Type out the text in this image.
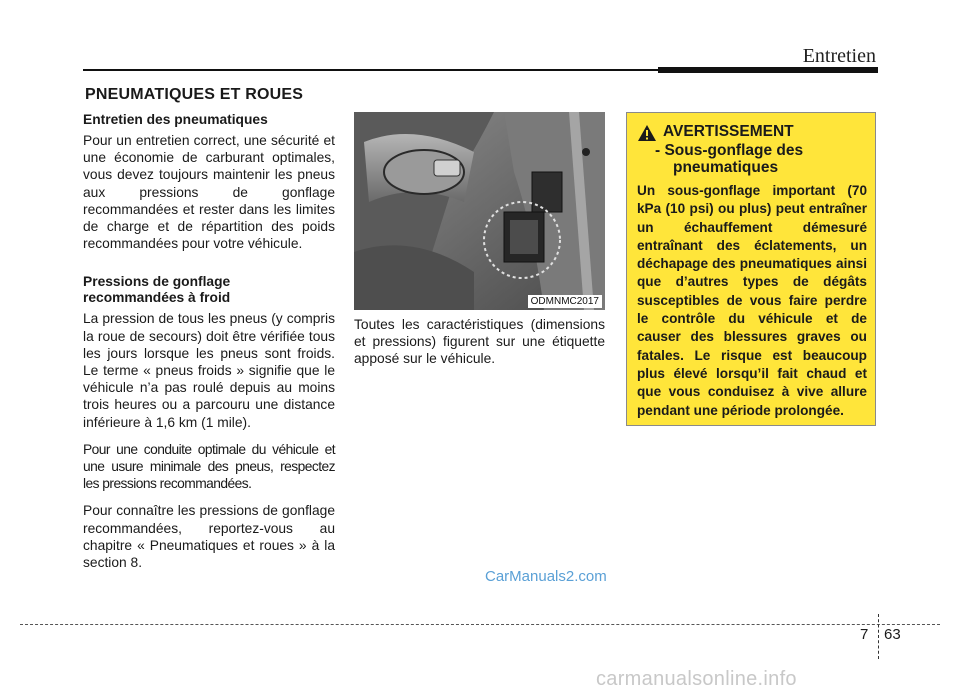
Entretien
PNEUMATIQUES ET ROUES
Entretien des pneumatiques

Pour un entretien correct, une sécurité et une économie de carburant optimales, vous devez toujours maintenir les pneus aux pressions de gonflage recommandées et rester dans les limites de charge et de répartition des poids recommandées pour votre véhicule.

Pressions de gonflage
recommandées à froid

La pression de tous les pneus (y compris la roue de secours) doit être vérifiée tous les jours lorsque les pneus sont froids. Le terme « pneus froids » signifie que le véhicule n’a pas roulé depuis au moins trois heures ou a parcouru une distance inférieure à 1,6 km (1 mile).

Pour une conduite optimale du véhicule et une usure minimale des pneus, respectez les pressions recommandées.

Pour connaître les pressions de gonflage recommandées, reportez-vous au chapitre « Pneumatiques et roues » à la section 8.

ODMNMC2017

Toutes les caractéristiques (dimensions et pressions) figurent sur une étiquette apposé sur le véhicule.

AVERTISSEMENT
- Sous-gonflage des
pneumatiques

Un sous-gonflage important (70 kPa (10 psi) ou plus) peut entraîner un échauffement démesuré entraînant des éclatements, un déchapage des pneumatiques ainsi que d’autres types de dégâts susceptibles de vous faire perdre le contrôle du véhicule et de causer des blessures graves ou fatales. Le risque est beaucoup plus élevé lorsqu’il fait chaud et que vous conduisez à vive allure pendant une période prolongée.

CarManuals2.com
7 63
carmanualsonline.info
